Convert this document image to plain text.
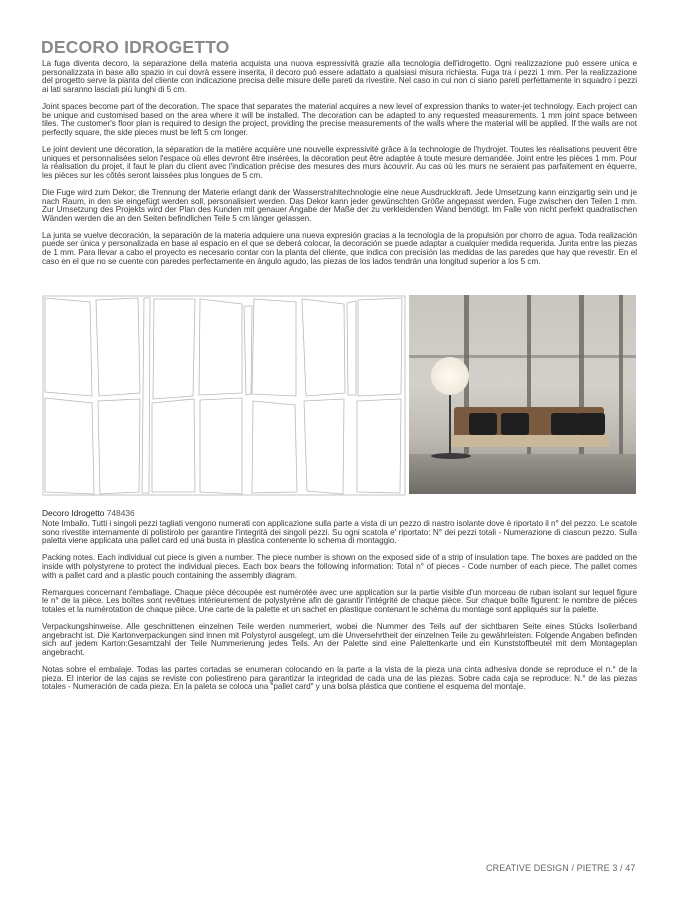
DECORO IDROGETTO

La fuga diventa decoro, la separazione della materia acquista una nuova espressività grazie alla tecnologia dell'idrogetto. Ogni realizzazione può essere unica e personalizzata in base allo spazio in cui dovrà essere inserita, il decoro può essere adattato a qualsiasi misura richiesta. Fuga tra i pezzi 1 mm. Per la realizzazione del progetto serve la pianta del cliente con indicazione precisa delle misure delle pareti da rivestire. Nel caso in cui non ci siano pareti perfettamente in squadro i pezzi ai lati saranno lasciati più lunghi di 5 cm.

Joint spaces become part of the decoration. The space that separates the material acquires a new level of expression thanks to water-jet technology. Each project can be unique and customised based on the area where it will be installed. The decoration can be adapted to any requested measurements. 1 mm joint space between tiles. The customer's floor plan is required to design the project, providing the precise measurements of the walls where the material will be applied. If the walls are not perfectly square, the side pieces must be left 5 cm longer.

Le joint devient une décoration, la séparation de la matière acquière une nouvelle expressivité grâce à la technologie de l'hydrojet. Toutes les réalisations peuvent être uniques et personnalisées selon l'espace où elles devront être insérées, la décoration peut être adaptée à toute mesure demandée. Joint entre les pièces 1 mm. Pour la réalisation du projet, il faut le plan du client avec l'indication précise des mesures des murs àcouvrir. Au cas où les murs ne seraient pas parfaitement en équerre, les pièces sur les côtés seront laissées plus longues de 5 cm.

Die Fuge wird zum Dekor; die Trennung der Materie erlangt dank der Wasserstrahltechnologie eine neue Ausdruckkraft. Jede Umsetzung kann einzigartig sein und je nach Raum, in den sie eingefügt werden soll, personalisiert werden. Das Dekor kann jeder gewünschten Größe angepasst werden. Fuge zwischen den Teilen 1 mm. Zur Umsetzung des Projekts wird der Plan des Kunden mit genauer Angabe der Maße der zu verkleidenden Wand benötigt. Im Falle von nicht perfekt quadratischen Wänden werden die an den Seiten befindlichen Teile 5 cm länger gelassen.

La junta se vuelve decoración, la separación de la materia adquiere una nueva expresión gracias a la tecnologìa de la propulsión por chorro de agua. Toda realización puede ser única y personalizada en base al espacio en el que se deberá colocar, la decoración se puede adaptar a cualquier medida requerida. Junta entre las piezas de 1 mm. Para llevar a cabo el proyecto es necesario contar con la planta del cliente, que indica con precisión las medidas de las paredes que hay que revestir. En el caso en el que no se cuente con paredes perfectamente en ángulo agudo, las piezas de los lados tendrán una longitud superior a los 5 cm.

Decoro Idrogetto 748436

Note Imballo. Tutti i singoli pezzi tagliati vengono numerati con applicazione sulla parte a vista di un pezzo di nastro isolante dove è riportato il n° del pezzo. Le scatole sono rivestite internamente di polistirolo per garantire l'integrità dei singoli pezzi. Su ogni scatola e' riportato: N° dei pezzi totali - Numerazione di ciascun pezzo. Sulla paletta viene applicata una pallet card ed una busta in plastica contenente lo schema di montaggio.

Packing notes. Each individual cut piece is given a number. The piece number is shown on the exposed side of a strip of insulation tape. The boxes are padded on the inside with polystyrene to protect the individual pieces. Each box bears the following information: Total n° of pieces - Code number of each piece. The pallet comes with a pallet card and a plastic pouch containing the assembly diagram.

Remarques concernant l'emballage. Chaque pièce découpée est numérotée avec une application sur la partie visible d'un morceau de ruban isolant sur lequel figure le n° de la pièce. Les boîtes sont revêtues intérieurement de polystyrène afin de garantir l'intégrité de chaque pièce. Sur chaque boîte figurent: le nombre de pièces totales et la numérotation de chaque pièce. Une carte de la palette et un sachet en plastique contenant le schéma du montage sont appliqués sur la palette.

Verpackungshinweise. Alle geschnittenen einzelnen Teile werden nummeriert, wobei die Nummer des Teils auf der sichtbaren Seite eines Stücks Isolierband angebracht ist. Die Kartonverpackungen sind innen mit Polystyrol ausgelegt, um die Unversehrtheit der einzelnen Teile zu gewährleisten. Folgende Angaben befinden sich auf jedem Karton:Gesamtzahl der Teile Nummerierung jedes Teils. An der Palette sind eine Palettenkarte und ein Kunststoffbeutel mit dem Montageplan angebracht.

Notas sobre el embalaje. Todas las partes cortadas se enumeran colocando en la parte a la vista de la pieza una cinta adhesiva donde se reproduce el n.° de la pieza. El interior de las cajas se reviste con poliestireno para garantizar la integridad de cada una de las piezas. Sobre cada caja se reproduce: N.° de las piezas totales - Numeración de cada pieza. En la paleta se coloca una "pallet card" y una bolsa plástica que contiene el esquema del montaje.

CREATIVE DESIGN / PIETRE 3 / 47
